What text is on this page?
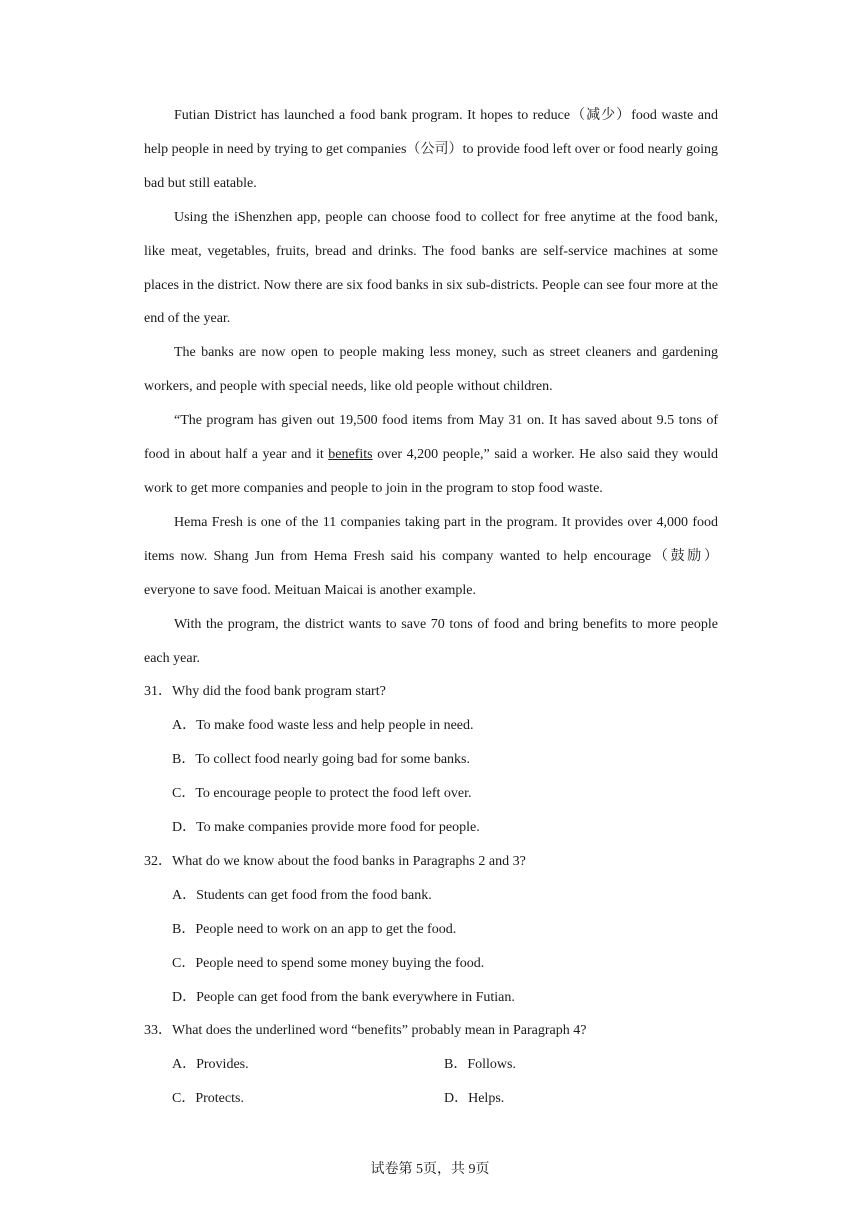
Futian District has launched a food bank program. It hopes to reduce（减少）food waste and help people in need by trying to get companies（公司）to provide food left over or food nearly going bad but still eatable.

Using the iShenzhen app, people can choose food to collect for free anytime at the food bank, like meat, vegetables, fruits, bread and drinks. The food banks are self-service machines at some places in the district. Now there are six food banks in six sub-districts. People can see four more at the end of the year.

The banks are now open to people making less money, such as street cleaners and gardening workers, and people with special needs, like old people without children.

“The program has given out 19,500 food items from May 31 on. It has saved about 9.5 tons of food in about half a year and it benefits over 4,200 people,” said a worker. He also said they would work to get more companies and people to join in the program to stop food waste.

Hema Fresh is one of the 11 companies taking part in the program. It provides over 4,000 food items now. Shang Jun from Hema Fresh said his company wanted to help encourage（鼓励） everyone to save food. Meituan Maicai is another example.

With the program, the district wants to save 70 tons of food and bring benefits to more people each year.

31．Why did the food bank program start?

A．To make food waste less and help people in need.

B．To collect food nearly going bad for some banks.

C．To encourage people to protect the food left over.

D．To make companies provide more food for people.

32．What do we know about the food banks in Paragraphs 2 and 3?

A．Students can get food from the food bank.

B．People need to work on an app to get the food.

C．People need to spend some money buying the food.

D．People can get food from the bank everywhere in Futian.

33．What does the underlined word “benefits” probably mean in Paragraph 4?

A．Provides.	B．Follows.
C．Protects.	D．Helps.
试卷第 5页，共 9页
